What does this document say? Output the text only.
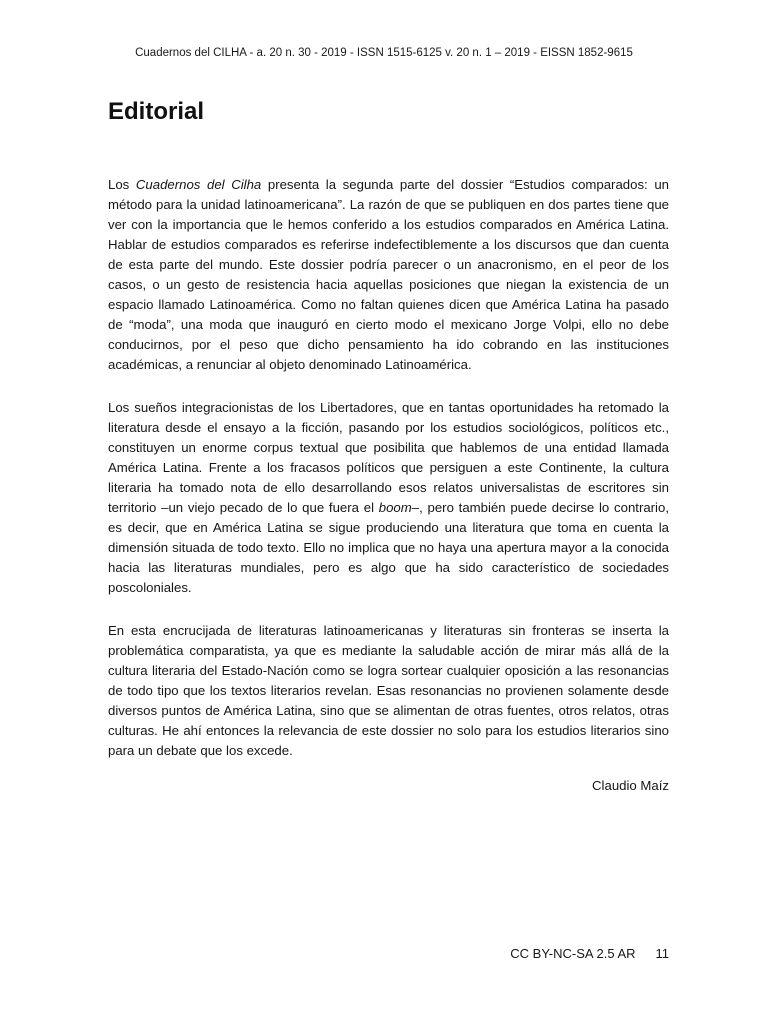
Cuadernos del CILHA - a. 20 n. 30 - 2019 - ISSN 1515-6125 v. 20 n. 1 – 2019 - EISSN 1852-9615
Editorial

Los Cuadernos del Cilha presenta la segunda parte del dossier “Estudios comparados: un método para la unidad latinoamericana”. La razón de que se publiquen en dos partes tiene que ver con la importancia que le hemos conferido a los estudios comparados en América Latina. Hablar de estudios comparados es referirse indefectiblemente a los discursos que dan cuenta de esta parte del mundo. Este dossier podría parecer o un anacronismo, en el peor de los casos, o un gesto de resistencia hacia aquellas posiciones que niegan la existencia de un espacio llamado Latinoamérica. Como no faltan quienes dicen que América Latina ha pasado de “moda”, una moda que inauguró en cierto modo el mexicano Jorge Volpi, ello no debe conducirnos, por el peso que dicho pensamiento ha ido cobrando en las instituciones académicas, a renunciar al objeto denominado Latinoamérica.

Los sueños integracionistas de los Libertadores, que en tantas oportunidades ha retomado la literatura desde el ensayo a la ficción, pasando por los estudios sociológicos, políticos etc., constituyen un enorme corpus textual que posibilita que hablemos de una entidad llamada América Latina. Frente a los fracasos políticos que persiguen a este Continente, la cultura literaria ha tomado nota de ello desarrollando esos relatos universalistas de escritores sin territorio –un viejo pecado de lo que fuera el boom–, pero también puede decirse lo contrario, es decir, que en América Latina se sigue produciendo una literatura que toma en cuenta la dimensión situada de todo texto. Ello no implica que no haya una apertura mayor a la conocida hacia las literaturas mundiales, pero es algo que ha sido característico de sociedades poscoloniales.

En esta encrucijada de literaturas latinoamericanas y literaturas sin fronteras se inserta la problemática comparatista, ya que es mediante la saludable acción de mirar más allá de la cultura literaria del Estado-Nación como se logra sortear cualquier oposición a las resonancias de todo tipo que los textos literarios revelan. Esas resonancias no provienen solamente desde diversos puntos de América Latina, sino que se alimentan de otras fuentes, otros relatos, otras culturas. He ahí entonces la relevancia de este dossier no solo para los estudios literarios sino para un debate que los excede.

Claudio Maíz

CC BY-NC-SA 2.5 AR 11
